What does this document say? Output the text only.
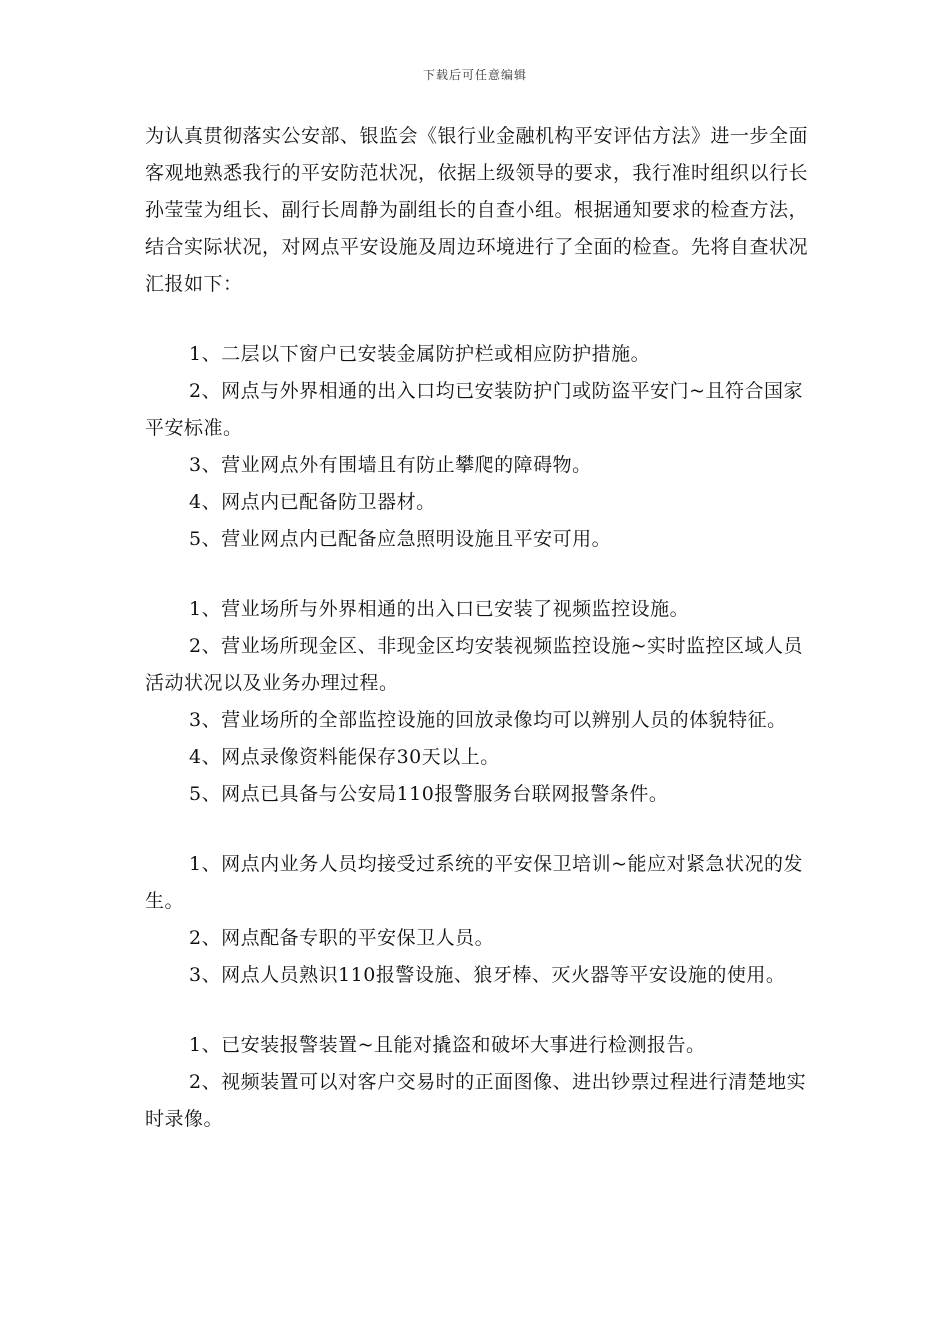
下载后可任意编辑

为认真贯彻落实公安部、银监会《银行业金融机构平安评估方法》进一步全面客观地熟悉我行的平安防范状况，依据上级领导的要求，我行准时组织以行长孙莹莹为组长、副行长周静为副组长的自查小组。根据通知要求的检查方法，结合实际状况，对网点平安设施及周边环境进行了全面的检查。先将自查状况汇报如下：

1、二层以下窗户已安装金属防护栏或相应防护措施。

2、网点与外界相通的出入口均已安装防护门或防盗平安门~且符合国家平安标准。

3、营业网点外有围墙且有防止攀爬的障碍物。

4、网点内已配备防卫器材。

5、营业网点内已配备应急照明设施且平安可用。

1、营业场所与外界相通的出入口已安装了视频监控设施。

2、营业场所现金区、非现金区均安装视频监控设施~实时监控区域人员活动状况以及业务办理过程。

3、营业场所的全部监控设施的回放录像均可以辨别人员的体貌特征。

4、网点录像资料能保存30天以上。

5、网点已具备与公安局110报警服务台联网报警条件。

1、网点内业务人员均接受过系统的平安保卫培训~能应对紧急状况的发生。

2、网点配备专职的平安保卫人员。

3、网点人员熟识110报警设施、狼牙棒、灭火器等平安设施的使用。

1、已安装报警装置~且能对撬盗和破坏大事进行检测报告。

2、视频装置可以对客户交易时的正面图像、进出钞票过程进行清楚地实时录像。
